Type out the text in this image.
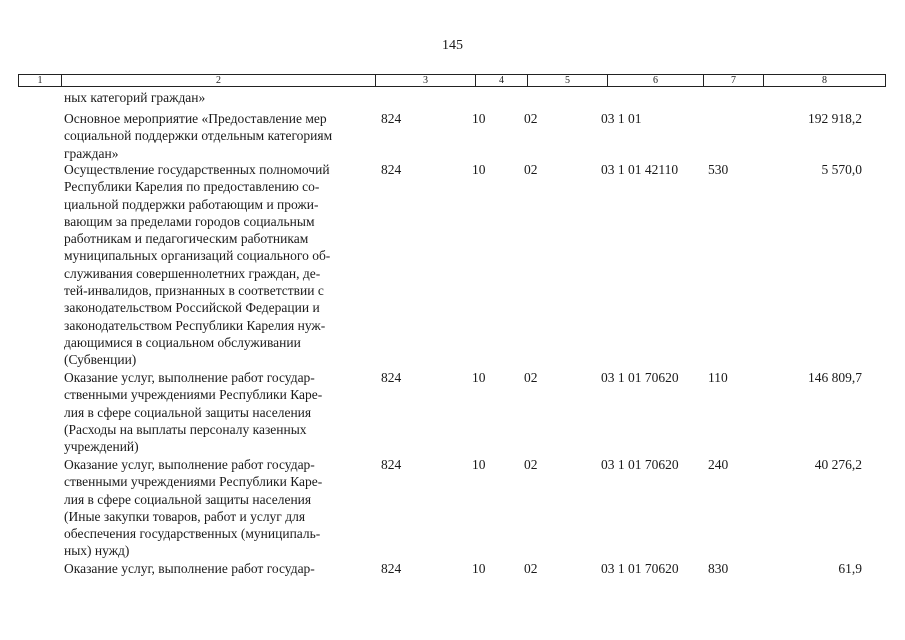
145
1	2	3	4	5	6	7	8
ных категорий граждан»
Основное мероприятие «Предоставление мер
социальной поддержки отдельным категориям
граждан»
824	10	02	03 1 01	192 918,2
Осуществление государственных полномочий
Республики Карелия по предоставлению со-
циальной поддержки работающим и прожи-
вающим за пределами городов социальным
работникам и педагогическим работникам
муниципальных организаций социального об-
служивания совершеннолетних граждан, де-
тей-инвалидов, признанных в соответствии с
законодательством Российской Федерации и
законодательством Республики Карелия нуж-
дающимися в социальном обслуживании
(Субвенции)
824	10	02	03 1 01 42110 530	5 570,0
Оказание услуг, выполнение работ государ-
ственными учреждениями Республики Каре-
лия в сфере социальной защиты населения
(Расходы на выплаты персоналу казенных
учреждений)
824	10	02	03 1 01 70620 110	146 809,7
Оказание услуг, выполнение работ государ-
ственными учреждениями Республики Каре-
лия в сфере социальной защиты населения
(Иные закупки товаров, работ и услуг для
обеспечения государственных (муниципаль-
ных) нужд)
824	10	02	03 1 01 70620 240	40 276,2
Оказание услуг, выполнение работ государ-	824	10	02	03 1 01 70620 830	61,9
